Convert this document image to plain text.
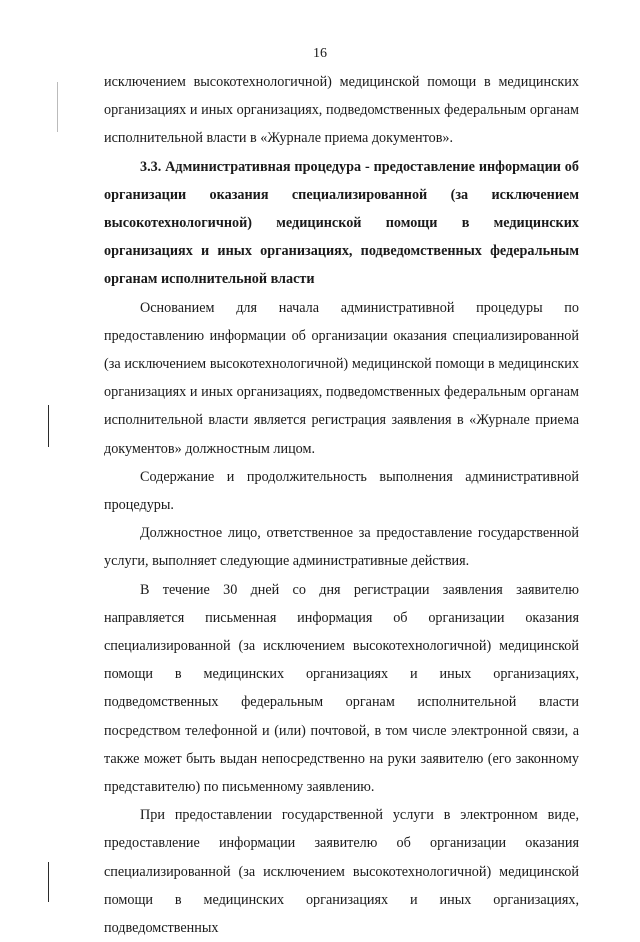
16

исключением высокотехнологичной) медицинской помощи в медицинских организациях и иных организациях, подведомственных федеральным органам исполнительной власти в «Журнале приема документов».

3.3. Административная процедура - предоставление информации об организации оказания специализированной (за исключением высокотехнологичной) медицинской помощи в медицинских организациях и иных организациях, подведомственных федеральным органам исполнительной власти

Основанием для начала административной процедуры по предоставлению информации об организации оказания специализированной (за исключением высокотехнологичной) медицинской помощи в медицинских организациях и иных организациях, подведомственных федеральным органам исполнительной власти является регистрация заявления в «Журнале приема документов» должностным лицом.

Содержание и продолжительность выполнения административной процедуры.

Должностное лицо, ответственное за предоставление государственной услуги, выполняет следующие административные действия.

В течение 30 дней со дня регистрации заявления заявителю направляется письменная информация об организации оказания специализированной (за исключением высокотехнологичной) медицинской помощи в медицинских организациях и иных организациях, подведомственных федеральным органам исполнительной власти посредством телефонной и (или) почтовой, в том числе электронной связи, а также может быть выдан непосредственно на руки заявителю (его законному представителю) по письменному заявлению.

При предоставлении государственной услуги в электронном виде, предоставление информации заявителю об организации оказания специализированной (за исключением высокотехнологичной) медицинской помощи в медицинских организациях и иных организациях, подведомственных
